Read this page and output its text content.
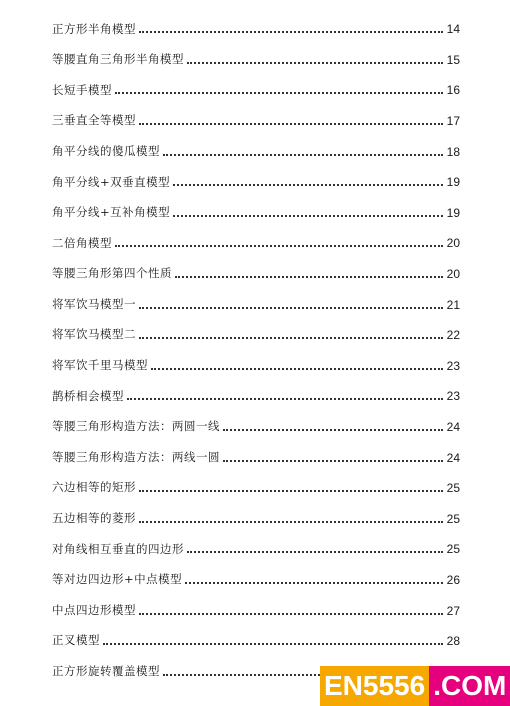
正方形半角模型	14
等腰直角三角形半角模型	15
长短手模型	16
三垂直全等模型	17
角平分线的傻瓜模型	18
角平分线+双垂直模型	19
角平分线+互补角模型	19
二倍角模型	20
等腰三角形第四个性质	20
将军饮马模型一	21
将军饮马模型二	22
将军饮千里马模型	23
鹊桥相会模型	23
等腰三角形构造方法：两圆一线	24
等腰三角形构造方法：两线一圆	24
六边相等的矩形	25
五边相等的菱形	25
对角线相互垂直的四边形	25
等对边四边形+中点模型	26
中点四边形模型	27
正叉模型	28
正方形旋转覆盖模型	EN5556 .COM
